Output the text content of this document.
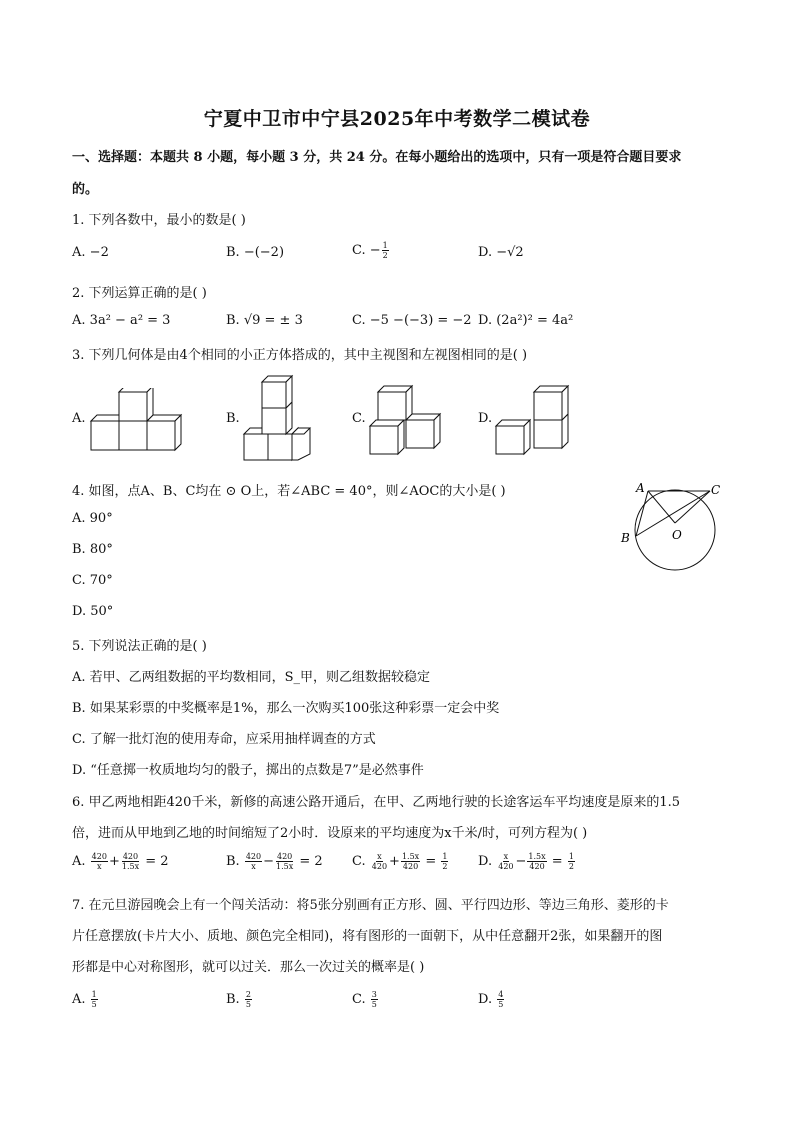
宁夏中卫市中宁县2025年中考数学二模试卷
一、选择题：本题共 8 小题，每小题 3 分，共 24 分。在每小题给出的选项中，只有一项是符合题目要求
的。
1. 下列各数中，最小的数是( )
A. −2	B. −(−2)	C. − $\frac{1}{2}$	D. −√2
2. 下列运算正确的是( )
A. 3a² − a² = 3	B. √9 = ± 3	C. −5 −(−3) = −2 D. (2a²)² = 4a²
3. 下列几何体是由4个相同的小正方体搭成的，其中主视图和左视图相同的是( )
A.	B.	C.	D.
4. 如图，点A、B、C均在 ⊙ O上，若∠ABC = 40°，则∠AOC的大小是( )
A. 90°
B. 80°
C. 70°
D. 50°
A	C
B	O
5. 下列说法正确的是( )
A. 若甲、乙两组数据的平均数相同，S_甲，则乙组数据较稳定
B. 如果某彩票的中奖概率是1%，那么一次购买100张这种彩票一定会中奖
C. 了解一批灯泡的使用寿命，应采用抽样调查的方式
D. “任意掷一枚质地均匀的骰子，掷出的点数是7”是必然事件
6. 甲乙两地相距420千米，新修的高速公路开通后，在甲、乙两地行驶的长途客运车平均速度是原来的1.5
倍，进而从甲地到乙地的时间缩短了2小时．设原来的平均速度为x千米/时，可列方程为( )
A. $\frac{420}{x} + \frac{420}{1.5x} = 2$	B. $\frac{420}{x} - \frac{420}{1.5x} = 2$ C. $\frac{x}{420} + \frac{1.5x}{420} = \frac{1}{2} D$. $\frac{x}{420} - \frac{1.5x}{420} = \frac{1}{2}$
7. 在元旦游园晚会上有一个闯关活动：将5张分别画有正方形、圆、平行四边形、等边三角形、菱形的卡
片任意摆放(卡片大小、质地、颜色完全相同)，将有图形的一面朝下，从中任意翻开2张，如果翻开的图
形都是中心对称图形，就可以过关．那么一次过关的概率是( )
A. $\frac{1}{5}$	B. $\frac{2}{5}$	C. $\frac{3}{5}$	D. $\frac{4}{5}$
